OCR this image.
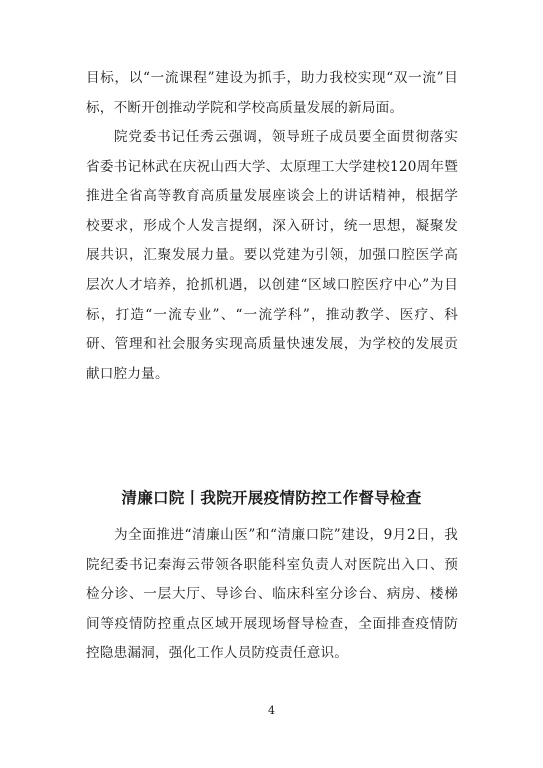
目标，以“一流课程”建设为抓手，助力我校实现“双一流”目标，不断开创推动学院和学校高质量发展的新局面。

院党委书记任秀云强调，领导班子成员要全面贯彻落实省委书记林武在庆祝山西大学、太原理工大学建校120周年暨推进全省高等教育高质量发展座谈会上的讲话精神，根据学校要求，形成个人发言提纲，深入研讨，统一思想，凝聚发展共识，汇聚发展力量。要以党建为引领，加强口腔医学高层次人才培养，抢抓机遇，以创建“区域口腔医疗中心”为目标，打造“一流专业”、“一流学科”，推动教学、医疗、科研、管理和社会服务实现高质量快速发展，为学校的发展贡献口腔力量。

清廉口院丨我院开展疫情防控工作督导检查

为全面推进“清廉山医”和“清廉口院”建设，9月2日，我院纪委书记秦海云带领各职能科室负责人对医院出入口、预检分诊、一层大厅、导诊台、临床科室分诊台、病房、楼梯间等疫情防控重点区域开展现场督导检查，全面排查疫情防控隐患漏洞，强化工作人员防疫责任意识。

4
